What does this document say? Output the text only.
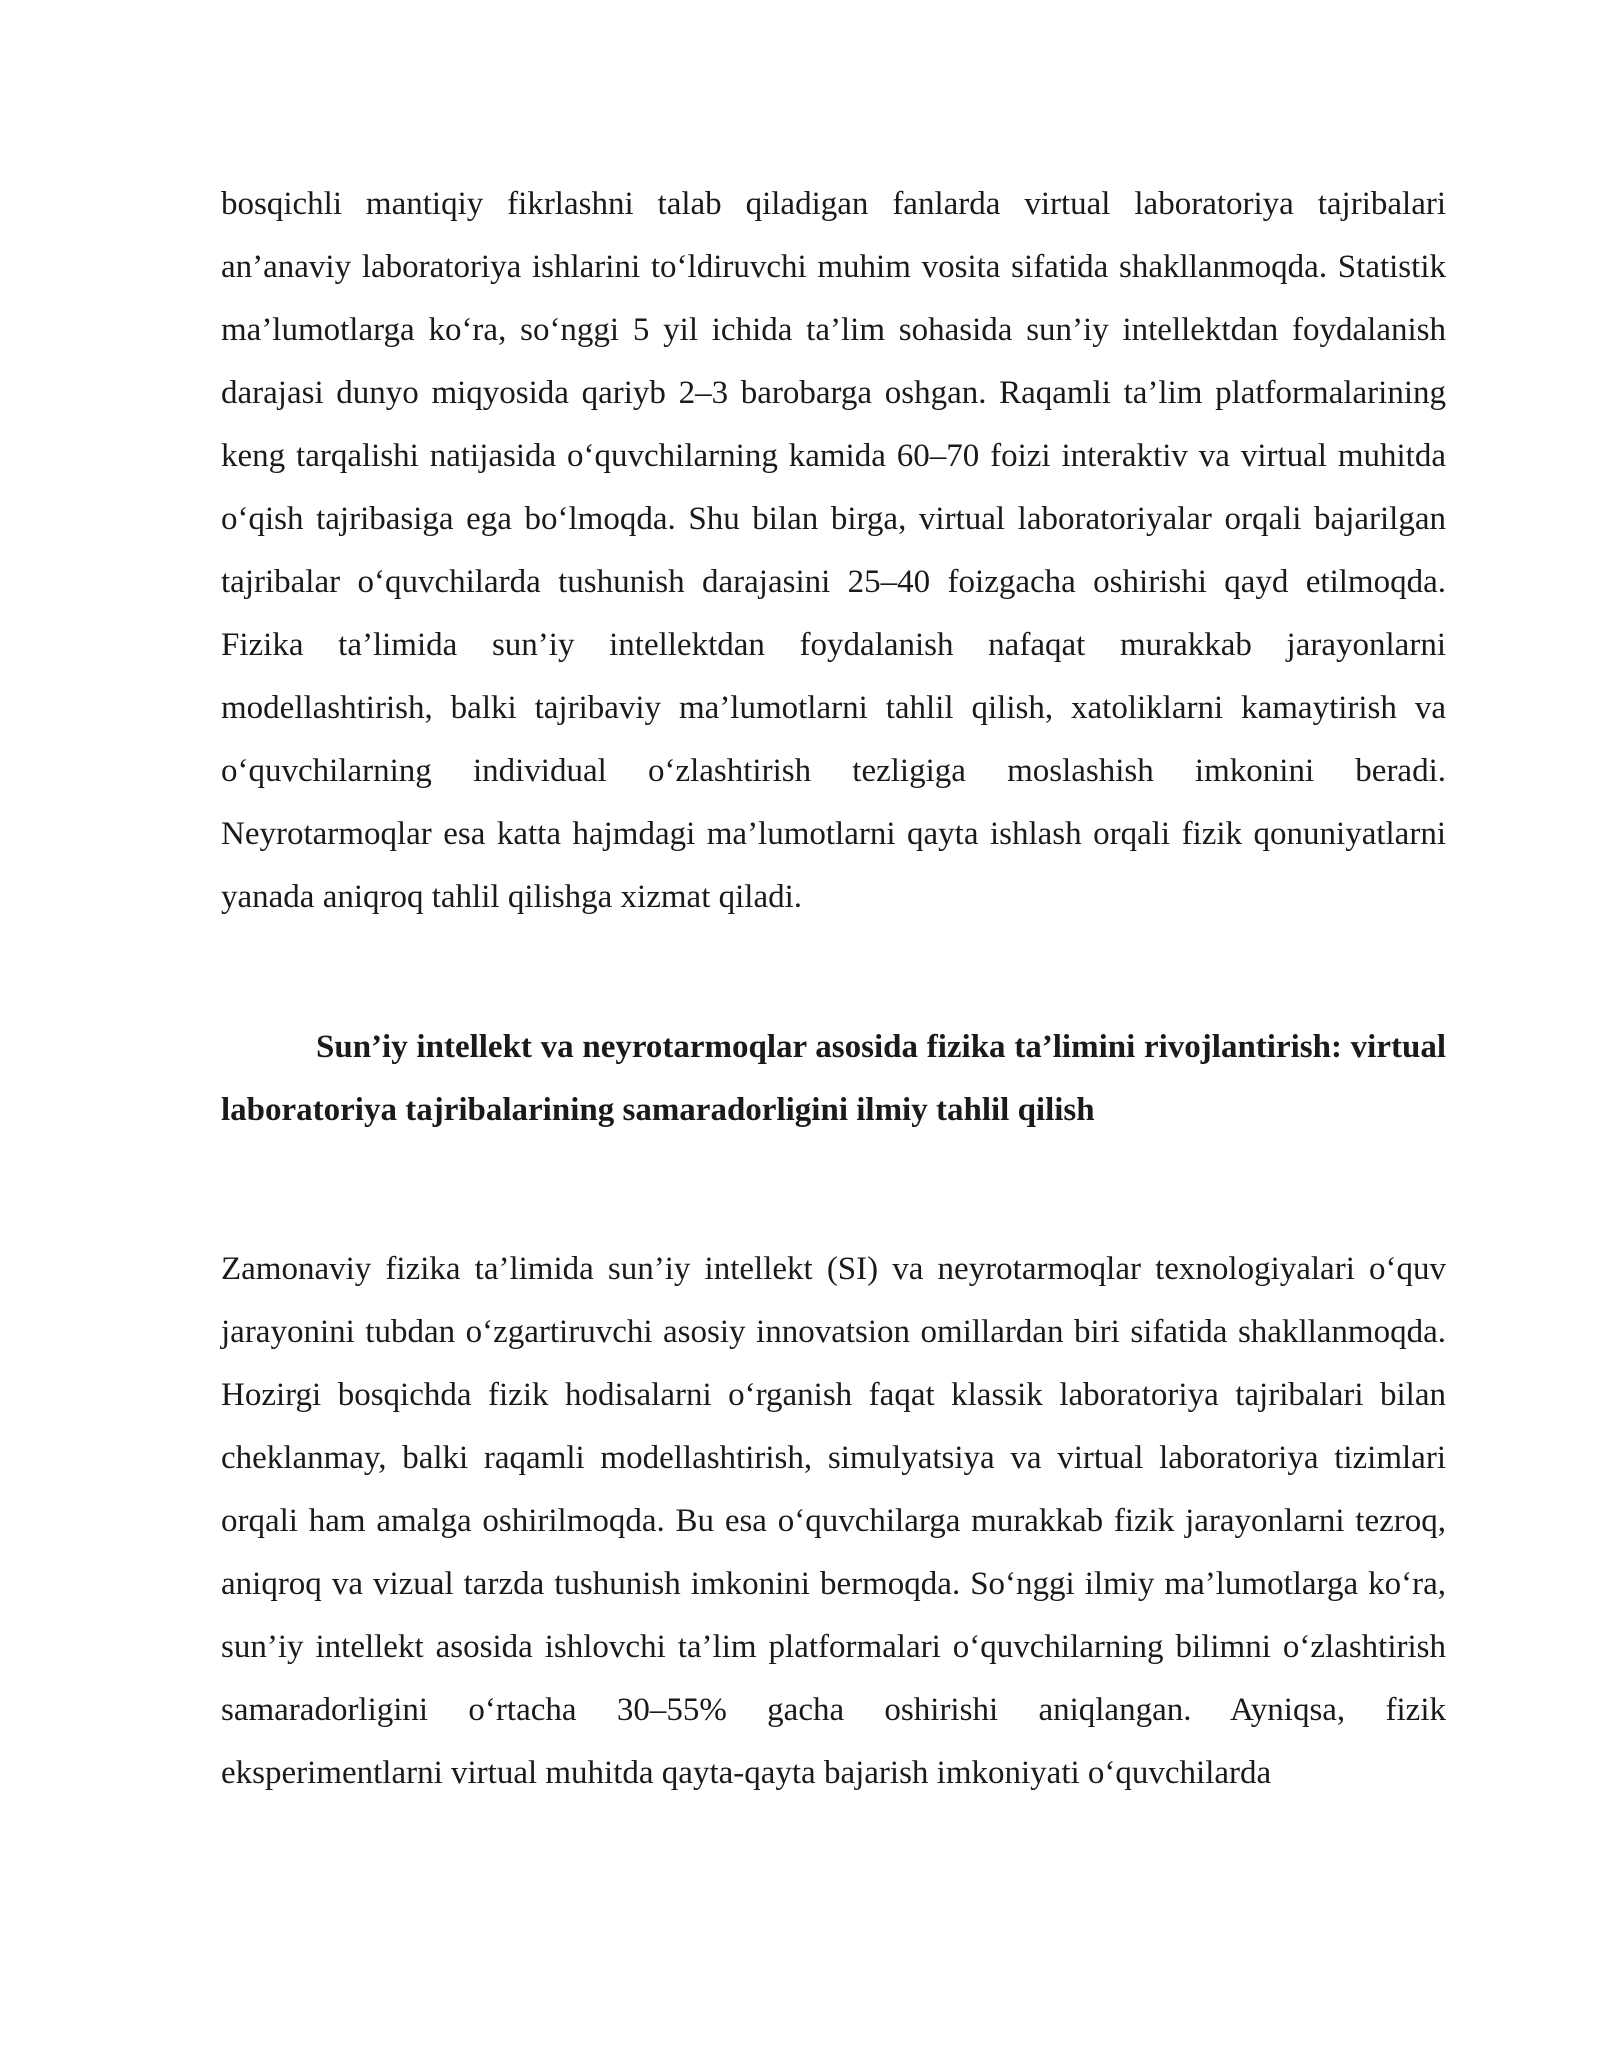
bosqichli mantiqiy fikrlashni talab qiladigan fanlarda virtual laboratoriya tajribalari an’anaviy laboratoriya ishlarini to‘ldiruvchi muhim vosita sifatida shakllanmoqda. Statistik ma’lumotlarga ko‘ra, so‘nggi 5 yil ichida ta’lim sohasida sun’iy intellektdan foydalanish darajasi dunyo miqyosida qariyb 2–3 barobarga oshgan. Raqamli ta’lim platformalarining keng tarqalishi natijasida o‘quvchilarning kamida 60–70 foizi interaktiv va virtual muhitda o‘qish tajribasiga ega bo‘lmoqda. Shu bilan birga, virtual laboratoriyalar orqali bajarilgan tajribalar o‘quvchilarda tushunish darajasini 25–40 foizgacha oshirishi qayd etilmoqda. Fizika ta’limida sun’iy intellektdan foydalanish nafaqat murakkab jarayonlarni modellashtirish, balki tajribaviy ma’lumotlarni tahlil qilish, xatoliklarni kamaytirish va o‘quvchilarning individual o‘zlashtirish tezligiga moslashish imkonini beradi. Neyrotarmoqlar esa katta hajmdagi ma’lumotlarni qayta ishlash orqali fizik qonuniyatlarni yanada aniqroq tahlil qilishga xizmat qiladi.

Sun’iy intellekt va neyrotarmoqlar asosida fizika ta’limini rivojlantirish: virtual laboratoriya tajribalarining samaradorligini ilmiy tahlil qilish

Zamonaviy fizika ta’limida sun’iy intellekt (SI) va neyrotarmoqlar texnologiyalari o‘quv jarayonini tubdan o‘zgartiruvchi asosiy innovatsion omillardan biri sifatida shakllanmoqda. Hozirgi bosqichda fizik hodisalarni o‘rganish faqat klassik laboratoriya tajribalari bilan cheklanmay, balki raqamli modellashtirish, simulyatsiya va virtual laboratoriya tizimlari orqali ham amalga oshirilmoqda. Bu esa o‘quvchilarga murakkab fizik jarayonlarni tezroq, aniqroq va vizual tarzda tushunish imkonini bermoqda. So‘nggi ilmiy ma’lumotlarga ko‘ra, sun’iy intellekt asosida ishlovchi ta’lim platformalari o‘quvchilarning bilimni o‘zlashtirish samaradorligini o‘rtacha 30–55% gacha oshirishi aniqlangan. Ayniqsa, fizik eksperimentlarni virtual muhitda qayta-qayta bajarish imkoniyati o‘quvchilarda
